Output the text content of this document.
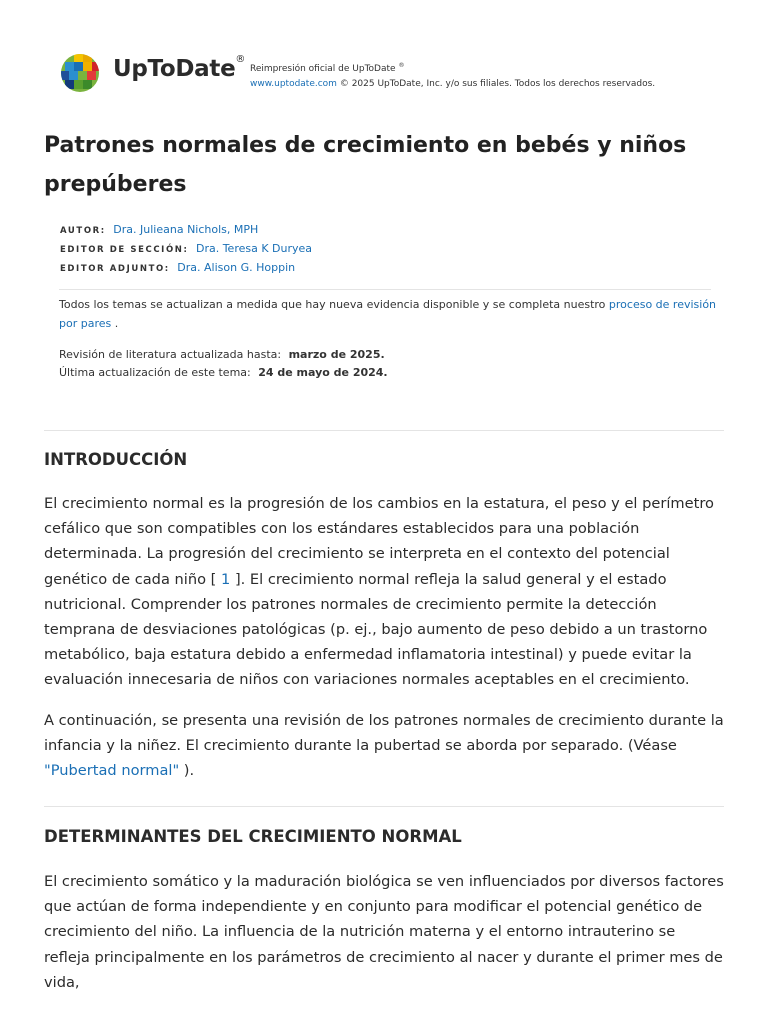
UpToDate®
Reimpresión oficial de UpToDate ®
www.uptodate.com © 2025 UpToDate, Inc. y/o sus filiales. Todos los derechos reservados.
Patrones normales de crecimiento en bebés y niños prepúberes
AUTOR: Dra. Julieana Nichols, MPH
EDITOR DE SECCIÓN: Dra. Teresa K Duryea
EDITOR ADJUNTO: Dra. Alison G. Hoppin
Todos los temas se actualizan a medida que hay nueva evidencia disponible y se completa nuestro proceso de revisión por pares .
Revisión de literatura actualizada hasta: marzo de 2025.
Última actualización de este tema: 24 de mayo de 2024.
INTRODUCCIÓN

El crecimiento normal es la progresión de los cambios en la estatura, el peso y el perímetro cefálico que son compatibles con los estándares establecidos para una población determinada. La progresión del crecimiento se interpreta en el contexto del potencial genético de cada niño [ 1 ]. El crecimiento normal refleja la salud general y el estado nutricional. Comprender los patrones normales de crecimiento permite la detección temprana de desviaciones patológicas (p. ej., bajo aumento de peso debido a un trastorno metabólico, baja estatura debido a enfermedad inflamatoria intestinal) y puede evitar la evaluación innecesaria de niños con variaciones normales aceptables en el crecimiento.

A continuación, se presenta una revisión de los patrones normales de crecimiento durante la infancia y la niñez. El crecimiento durante la pubertad se aborda por separado. (Véase "Pubertad normal" ).

DETERMINANTES DEL CRECIMIENTO NORMAL

El crecimiento somático y la maduración biológica se ven influenciados por diversos factores que actúan de forma independiente y en conjunto para modificar el potencial genético de crecimiento del niño. La influencia de la nutrición materna y el entorno intrauterino se refleja principalmente en los parámetros de crecimiento al nacer y durante el primer mes de vida,
